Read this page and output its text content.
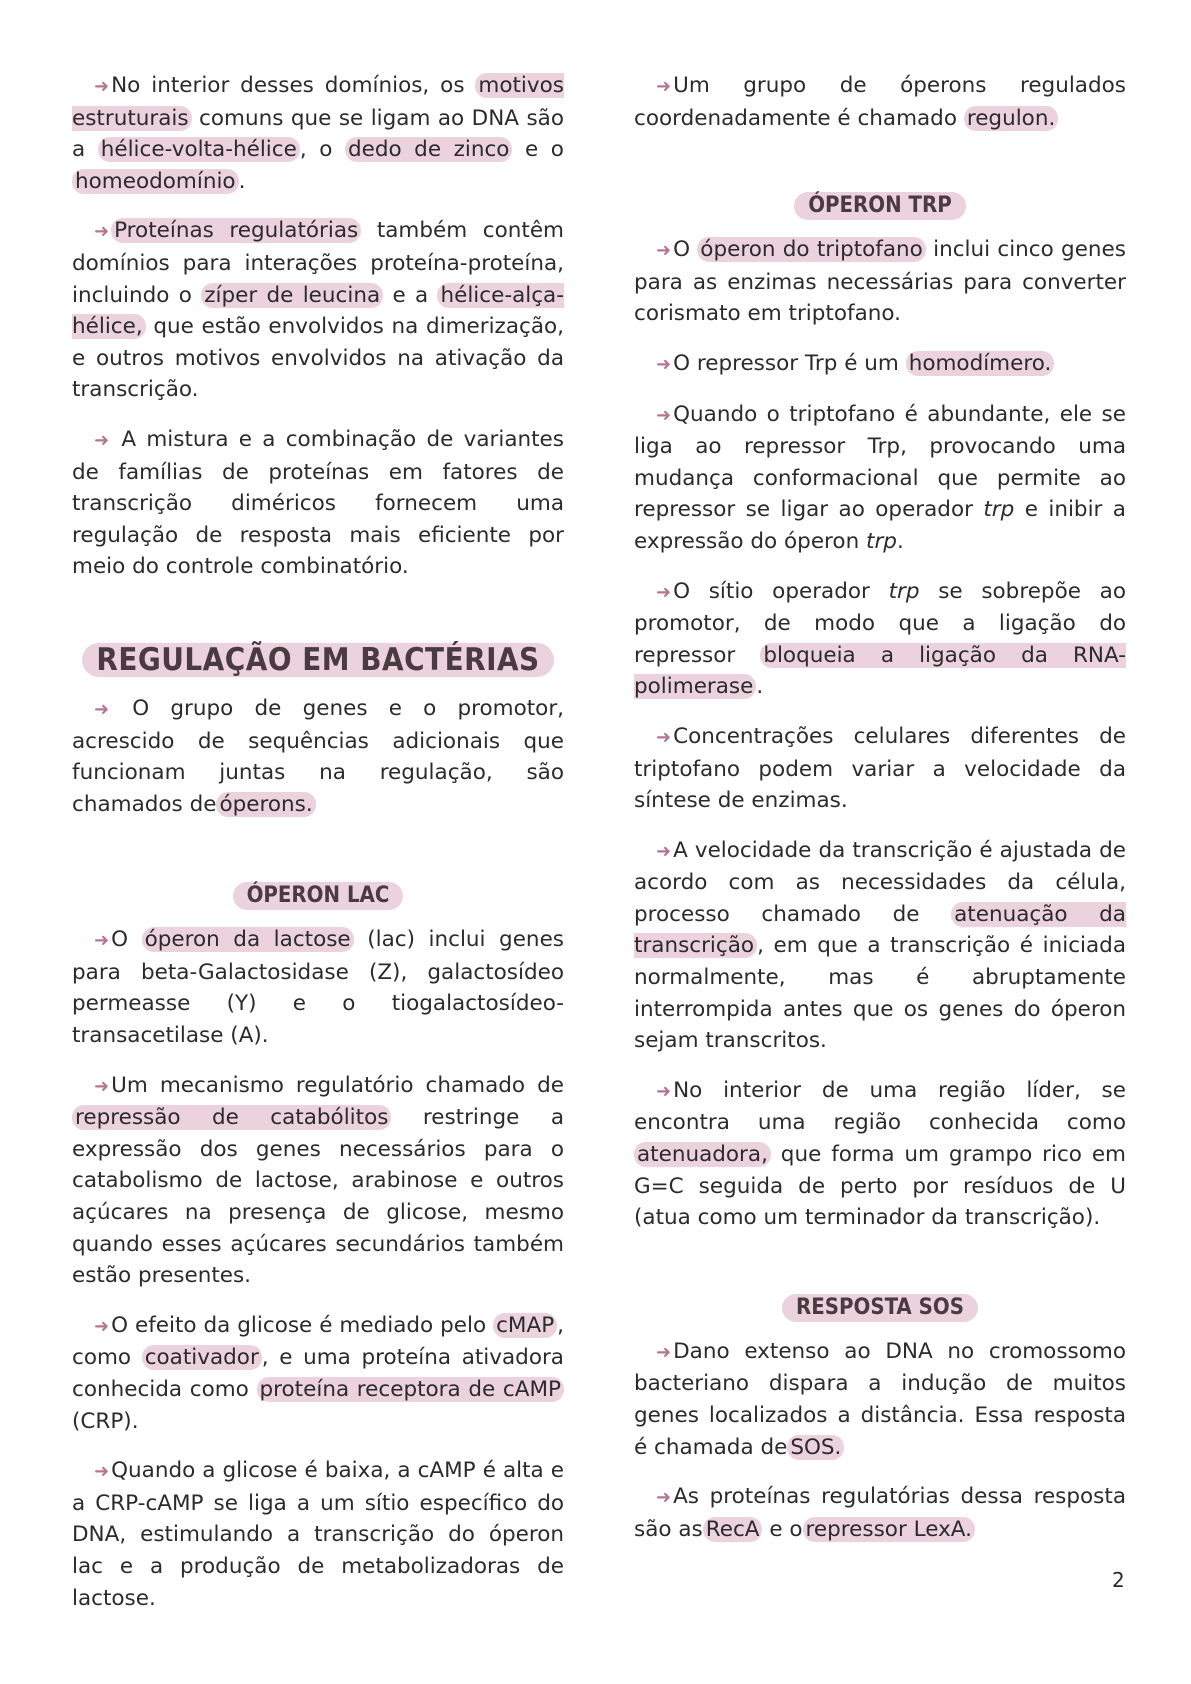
➜No interior desses domínios, os motivos estruturais comuns que se ligam ao DNA são a hélice-volta-hélice , o dedo de zinco e o homeodomínio .

➜ Proteínas regulatórias também contêm domínios para interações proteína-proteína, incluindo o zíper de leucina e a hélice-alça-hélice, que estão envolvidos na dimerização, e outros motivos envolvidos na ativação da transcrição.

➜ A mistura e a combinação de variantes de famílias de proteínas em fatores de transcrição diméricos fornecem uma regulação de resposta mais eficiente por meio do controle combinatório.

REGULAÇÃO EM BACTÉRIAS

➜ O grupo de genes e o promotor, acrescido de sequências adicionais que funcionam juntas na regulação, são chamados de óperons.

ÓPERON LAC

➜O óperon da lactose (lac) inclui genes para beta-Galactosidase (Z), galactosídeo permeasse (Y) e o tiogalactosídeo-transacetilase (A).

➜Um mecanismo regulatório chamado de repressão de catabólitos restringe a expressão dos genes necessários para o catabolismo de lactose, arabinose e outros açúcares na presença de glicose, mesmo quando esses açúcares secundários também estão presentes.

➜O efeito da glicose é mediado pelo cMAP , como coativador , e uma proteína ativadora conhecida como proteína receptora de cAMP (CRP).

➜Quando a glicose é baixa, a cAMP é alta e a CRP-cAMP se liga a um sítio específico do DNA, estimulando a transcrição do óperon lac e a produção de metabolizadoras de lactose.

➜Um grupo de óperons regulados coordenadamente é chamado regulon.

ÓPERON TRP

➜O óperon do triptofano inclui cinco genes para as enzimas necessárias para converter corismato em triptofano.

➜O repressor Trp é um homodímero.

➜Quando o triptofano é abundante, ele se liga ao repressor Trp, provocando uma mudança conformacional que permite ao repressor se ligar ao operador trp e inibir a expressão do óperon trp.

➜O sítio operador trp se sobrepõe ao promotor, de modo que a ligação do repressor bloqueia a ligação da RNA-polimerase .

➜Concentrações celulares diferentes de triptofano podem variar a velocidade da síntese de enzimas.

➜A velocidade da transcrição é ajustada de acordo com as necessidades da célula, processo chamado de atenuação da transcrição , em que a transcrição é iniciada normalmente, mas é abruptamente interrompida antes que os genes do óperon sejam transcritos.

➜No interior de uma região líder, se encontra uma região conhecida como atenuadora, que forma um grampo rico em G=C seguida de perto por resíduos de U (atua como um terminador da transcrição).

RESPOSTA SOS

➜Dano extenso ao DNA no cromossomo bacteriano dispara a indução de muitos genes localizados a distância. Essa resposta é chamada de SOS.

➜As proteínas regulatórias dessa resposta são as RecA e o repressor LexA.

2
